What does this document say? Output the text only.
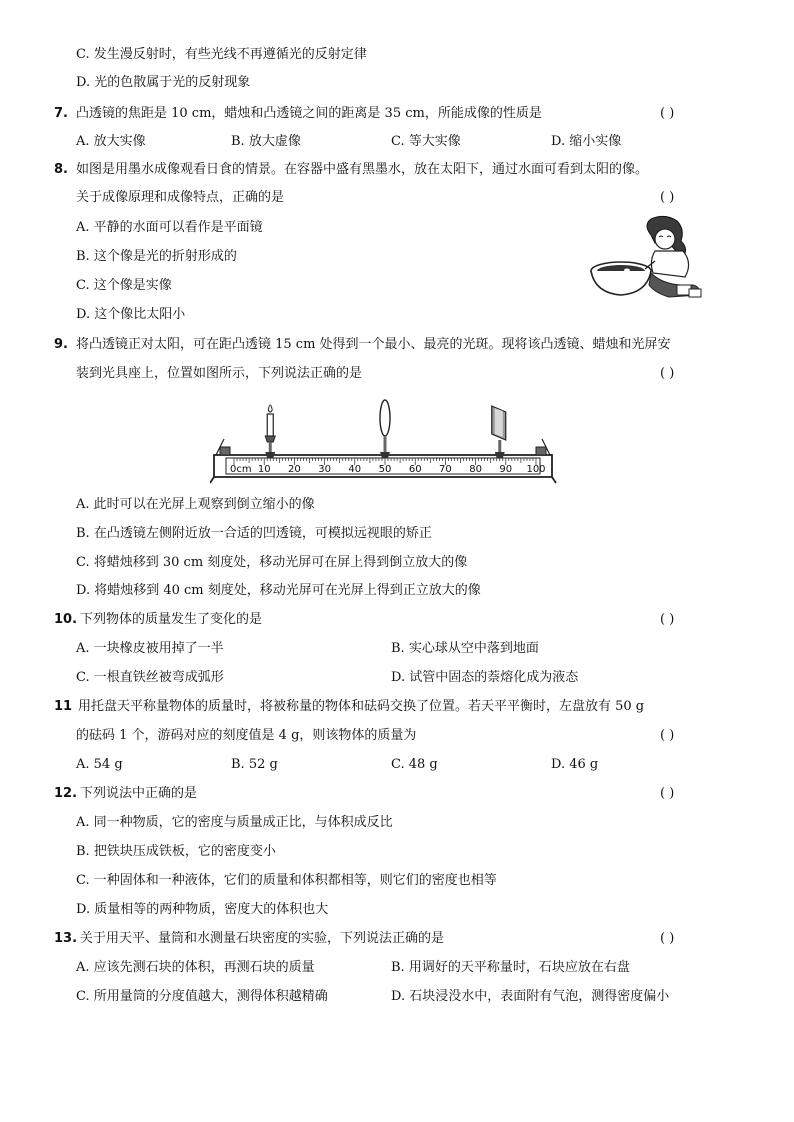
C. 发生漫反射时，有些光线不再遵循光的反射定律
D. 光的色散属于光的反射现象
7. 凸透镜的焦距是 10 cm，蜡烛和凸透镜之间的距离是 35 cm，所能成像的性质是	( )
A. 放大实像	B. 放大虚像	C. 等大实像	D. 缩小实像
8. 如图是用墨水成像观看日食的情景。在容器中盛有黑墨水，放在太阳下，通过水面可看到太阳的像。
关于成像原理和成像特点，正确的是	( )
A. 平静的水面可以看作是平面镜
B. 这个像是光的折射形成的
C. 这个像是实像
D. 这个像比太阳小
9. 将凸透镜正对太阳，可在距凸透镜 15 cm 处得到一个最小、最亮的光斑。现将该凸透镜、蜡烛和光屏安
装到光具座上，位置如图所示，下列说法正确的是	( )
0cm 10 20 30 40 50 60 70 80 90 100
A. 此时可以在光屏上观察到倒立缩小的像
B. 在凸透镜左侧附近放一合适的凹透镜，可模拟远视眼的矫正
C. 将蜡烛移到 30 cm 刻度处，移动光屏可在屏上得到倒立放大的像
D. 将蜡烛移到 40 cm 刻度处，移动光屏可在光屏上得到正立放大的像
10. 下列物体的质量发生了变化的是	( )
A. 一块橡皮被用掉了一半	B. 实心球从空中落到地面
C. 一根直铁丝被弯成弧形	D. 试管中固态的萘熔化成为液态
11 用托盘天平称量物体的质量时，将被称量的物体和砝码交换了位置。若天平平衡时，左盘放有 50 g
的砝码 1 个，游码对应的刻度值是 4 g，则该物体的质量为	( )
A. 54 g	B. 52 g	C. 48 g	D. 46 g
12. 下列说法中正确的是	( )
A. 同一种物质，它的密度与质量成正比，与体积成反比
B. 把铁块压成铁板，它的密度变小
C. 一种固体和一种液体，它们的质量和体积都相等，则它们的密度也相等
D. 质量相等的两种物质，密度大的体积也大
13. 关于用天平、量筒和水测量石块密度的实验，下列说法正确的是	( )
A. 应该先测石块的体积，再测石块的质量	B. 用调好的天平称量时，石块应放在右盘
C. 所用量筒的分度值越大，测得体积越精确	D. 石块浸没水中，表面附有气泡，测得密度偏小
